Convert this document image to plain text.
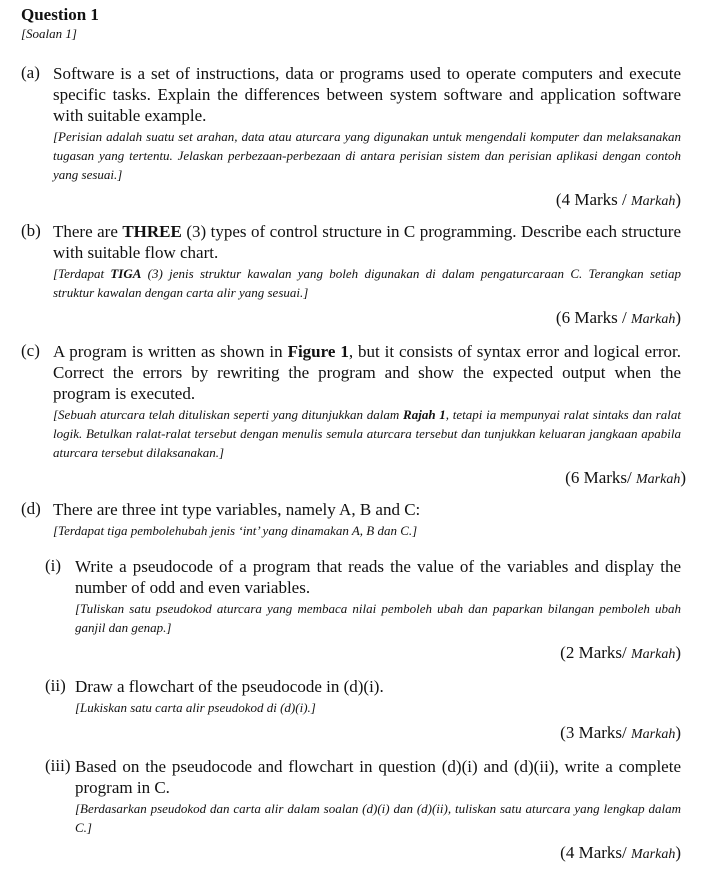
Question 1
[Soalan 1]
(a) Software is a set of instructions, data or programs used to operate computers and execute specific tasks. Explain the differences between system software and application software with suitable example.
[Perisian adalah suatu set arahan, data atau aturcara yang digunakan untuk mengendali komputer dan melaksanakan tugasan yang tertentu. Jelaskan perbezaan-perbezaan di antara perisian sistem dan perisian aplikasi dengan contoh yang sesuai.]
(4 Marks / Markah)
(b) There are THREE (3) types of control structure in C programming. Describe each structure with suitable flow chart.
[Terdapat TIGA (3) jenis struktur kawalan yang boleh digunakan di dalam pengaturcaraan C. Terangkan setiap struktur kawalan dengan carta alir yang sesuai.]
(6 Marks / Markah)
(c) A program is written as shown in Figure 1, but it consists of syntax error and logical error. Correct the errors by rewriting the program and show the expected output when the program is executed.
[Sebuah aturcara telah dituliskan seperti yang ditunjukkan dalam Rajah 1, tetapi ia mempunyai ralat sintaks dan ralat logik. Betulkan ralat-ralat tersebut dengan menulis semula aturcara tersebut dan tunjukkan keluaran jangkaan apabila aturcara tersebut dilaksanakan.]
(6 Marks/ Markah)
(d) There are three int type variables, namely A, B and C:
[Terdapat tiga pembolehubah jenis ‘int’ yang dinamakan A, B dan C.]
(i) Write a pseudocode of a program that reads the value of the variables and display the number of odd and even variables.
[Tuliskan satu pseudokod aturcara yang membaca nilai pemboleh ubah dan paparkan bilangan pemboleh ubah ganjil dan genap.]
(2 Marks/ Markah)
(ii) Draw a flowchart of the pseudocode in (d)(i).
[Lukiskan satu carta alir pseudokod di (d)(i).]
(3 Marks/ Markah)
(iii) Based on the pseudocode and flowchart in question (d)(i) and (d)(ii), write a complete program in C.
[Berdasarkan pseudokod dan carta alir dalam soalan (d)(i) dan (d)(ii), tuliskan satu aturcara yang lengkap dalam C.]
(4 Marks/ Markah)
